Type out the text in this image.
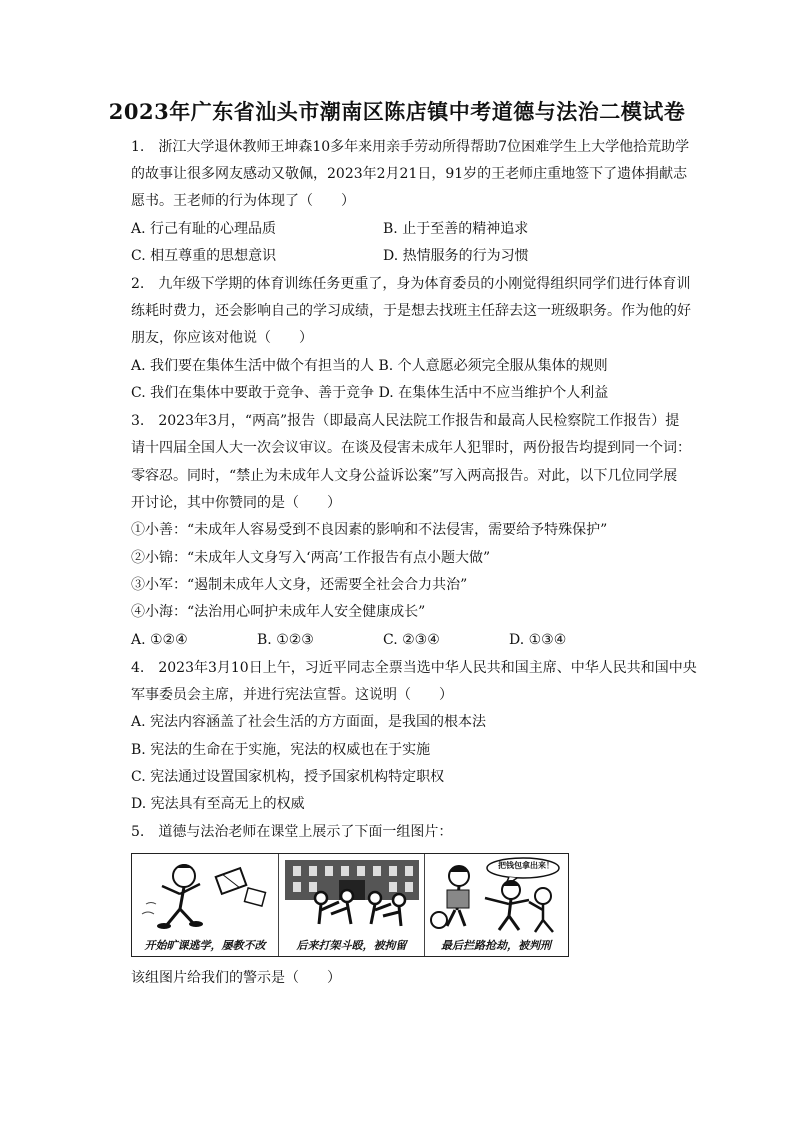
2023年广东省汕头市潮南区陈店镇中考道德与法治二模试卷
1.　浙江大学退休教师王坤森10多年来用亲手劳动所得帮助7位困难学生上大学他拾荒助学
的故事让很多网友感动又敬佩，2023年2月21日，91岁的王老师庄重地签下了遗体捐献志
愿书。王老师的行为体现了（　　）
A. 行己有耻的心理品质	B. 止于至善的精神追求
C. 相互尊重的思想意识	D. 热情服务的行为习惯
2.　九年级下学期的体育训练任务更重了，身为体育委员的小刚觉得组织同学们进行体育训
练耗时费力，还会影响自己的学习成绩，于是想去找班主任辞去这一班级职务。作为他的好
朋友，你应该对他说（　　）
A. 我们要在集体生活中做个有担当的人 B. 个人意愿必须完全服从集体的规则
C. 我们在集体中要敢于竞争、善于竞争 D. 在集体生活中不应当维护个人利益
3.　2023年3月，“两高”报告（即最高人民法院工作报告和最高人民检察院工作报告）提
请十四届全国人大一次会议审议。在谈及侵害未成年人犯罪时，两份报告均提到同一个词：
零容忍。同时，“禁止为未成年人文身公益诉讼案”写入两高报告。对此，以下几位同学展
开讨论，其中你赞同的是（　　）
①小善：“未成年人容易受到不良因素的影响和不法侵害，需要给予特殊保护”
②小锦：“未成年人文身写入‘两高’工作报告有点小题大做”
③小军：“遏制未成年人文身，还需要全社会合力共治”
④小海：“法治用心呵护未成年人安全健康成长”
A. ①②④	B. ①②③	C. ②③④	D. ①③④
4.　2023年3月10日上午，习近平同志全票当选中华人民共和国主席、中华人民共和国中央
军事委员会主席，并进行宪法宣誓。这说明（　　）
A. 宪法内容涵盖了社会生活的方方面面，是我国的根本法
B. 宪法的生命在于实施，宪法的权威也在于实施
C. 宪法通过设置国家机构，授予国家机构特定职权
D. 宪法具有至高无上的权威
5.　道德与法治老师在课堂上展示了下面一组图片：
开始旷课逃学，屡教不改	后来打架斗殴，被拘留
把钱包拿出来！
最后拦路抢劫，被判刑
该组图片给我们的警示是（　　）
